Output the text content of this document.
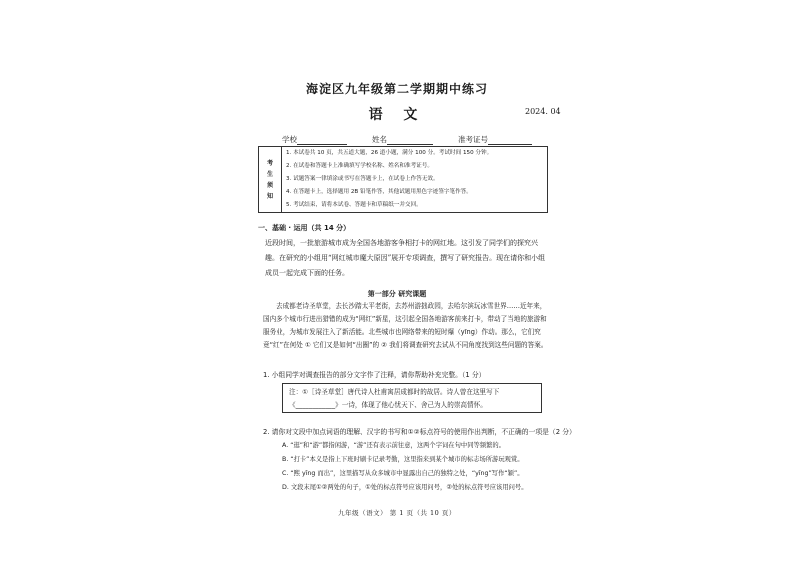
海淀区九年级第二学期期中练习
语 文	2024. 04
学校	姓名	准考证号
考
生
须
知

1. 本试卷共 10 页，共五道大题，26 道小题，满分 100 分。考试时间 150 分钟。
2. 在试卷和答题卡上准确填写学校名称、姓名和准考证号。
3. 试题答案一律填涂或书写在答题卡上，在试卷上作答无效。
4. 在答题卡上，选择题用 2B 铅笔作答，其他试题用黑色字迹签字笔作答。
5. 考试结束，请将本试卷、答题卡和草稿纸一并交回。
一、基础 · 运用（共 14 分）
近段时间，一批旅游城市成为全国各地游客争相打卡的网红地。这引发了同学们的探究兴趣。在研究的小组用“网红城市魔大原因”展开专项调查，撰写了研究报告。现在请你和小组成员一起完成下面的任务。
第一部分 研究课题
去成都老诗圣草堂，去长沙踏太平老街，去苏州游拙政园，去哈尔滨玩冰雪世界……近年来，国内多个城市行进出猎错的成为“网红”新星，这引起全国各地游客前来打卡，带动了当地的旅游和服务业，为城市发展注入了新活能。北些城市也网络带来的短时爆（yīng）作动。那么，它们究竟“红”在何处 ① 它们又是如何“出圈”的 ② 我们将调查研究去试从不同角度找到这些问题的答案。
1. 小组同学对调查报告的部分文字作了注释，请你帮助补充完整。（1 分）
注：①［诗圣草堂］唐代诗人杜甫寓居成都时的故居。诗人曾在这里写下《____________》一诗，体现了他心忧天下、舍己为人的崇高情怀。
2. 请你对文段中加点词语的理解、汉字的书写和①②标点符号的使用作出判断，不正确的一项是（2 分）
A. “逛”和“游”都指闲游，“游”还有表示前往意，这两个字词在句中同等频繁的。
B. “打卡”本义是指上下班时刷卡记录考勤，这里指来到某个城市的标志场所游玩观赏。
C. “熙 yīng 而出”，这里描写从众多城市中显露出自己的独特之处，“yīng”写作“颖”。
D. 文段末尾①②两处的句子，①处的标点符号应该用问号，②处的标点符号应该用问号。
九年级（语文） 第 1 页（共 10 页）
